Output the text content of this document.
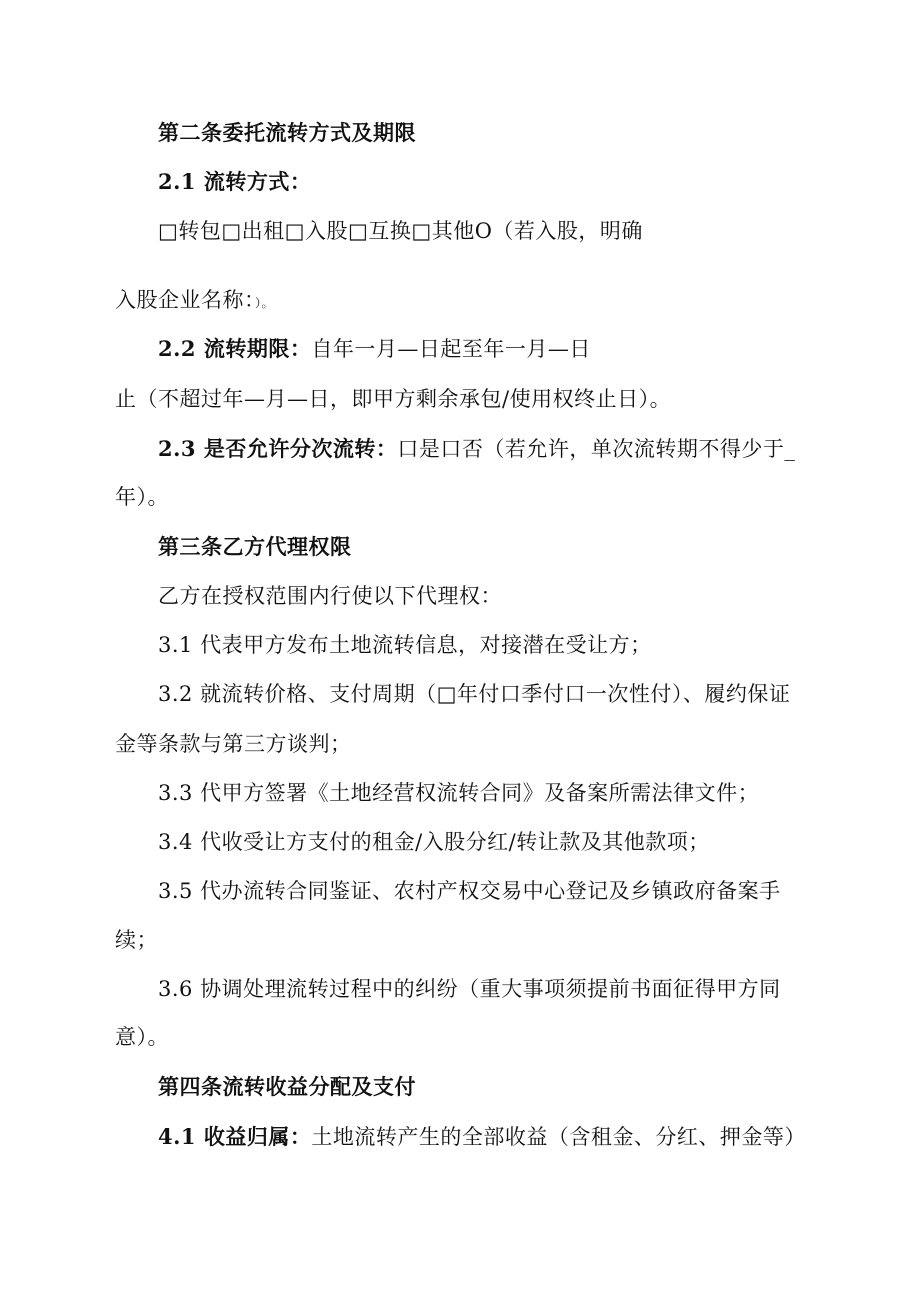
第二条委托流转方式及期限
2.1 流转方式：
□转包□出租□入股□互换□其他O（若入股，明确
入股企业名称：）。
2.2 流转期限：自年一月—日起至年一月—日
止（不超过年—月—日，即甲方剩余承包/使用权终止日）。
2.3 是否允许分次流转：口是口否（若允许，单次流转期不得少于_
年）。
第三条乙方代理权限
乙方在授权范围内行使以下代理权：
3.1 代表甲方发布土地流转信息，对接潜在受让方；
3.2 就流转价格、支付周期（□年付口季付口一次性付）、履约保证
金等条款与第三方谈判；
3.3 代甲方签署《土地经营权流转合同》及备案所需法律文件；
3.4 代收受让方支付的租金/入股分红/转让款及其他款项；
3.5 代办流转合同鉴证、农村产权交易中心登记及乡镇政府备案手
续；
3.6 协调处理流转过程中的纠纷（重大事项须提前书面征得甲方同
意）。
第四条流转收益分配及支付
4.1 收益归属：土地流转产生的全部收益（含租金、分红、押金等）
